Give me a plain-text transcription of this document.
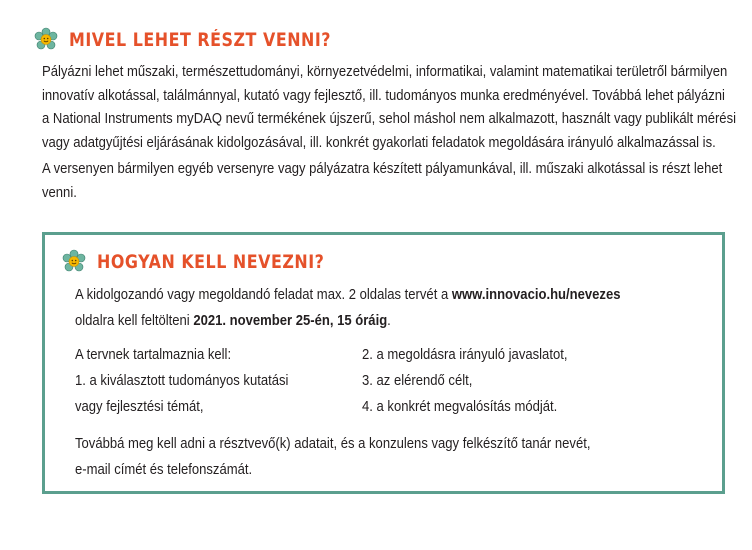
MIVEL LEHET RÉSZT VENNI?
Pályázni lehet műszaki, természettudományi, környezetvédelmi, informatikai, valamint matematikai területről bármilyen
innovatív alkotással, találmánnyal, kutató vagy fejlesztő, ill. tudományos munka eredményével. Továbbá lehet pályázni
a National Instruments myDAQ nevű termékének újszerű, sehol máshol nem alkalmazott, használt vagy publikált mérési
vagy adatgyűjtési eljárásának kidolgozásával, ill. konkrét gyakorlati feladatok megoldására irányuló alkalmazással is.
A versenyen bármilyen egyéb versenyre vagy pályázatra készített pályamunkával, ill. műszaki alkotással is részt lehet
venni.
HOGYAN KELL NEVEZNI?
A kidolgozandó vagy megoldandó feladat max. 2 oldalas tervét a www.innovacio.hu/nevezes
oldalra kell feltölteni 2021. november 25-én, 15 óráig.
A tervnek tartalmaznia kell:
1. a kiválasztott tudományos kutatási
vagy fejlesztési témát,
2. a megoldásra irányuló javaslatot,
3. az elérendő célt,
4. a konkrét megvalósítás módját.
Továbbá meg kell adni a résztvevő(k) adatait, és a konzulens vagy felkészítő tanár nevét,
e-mail címét és telefonszámát.
